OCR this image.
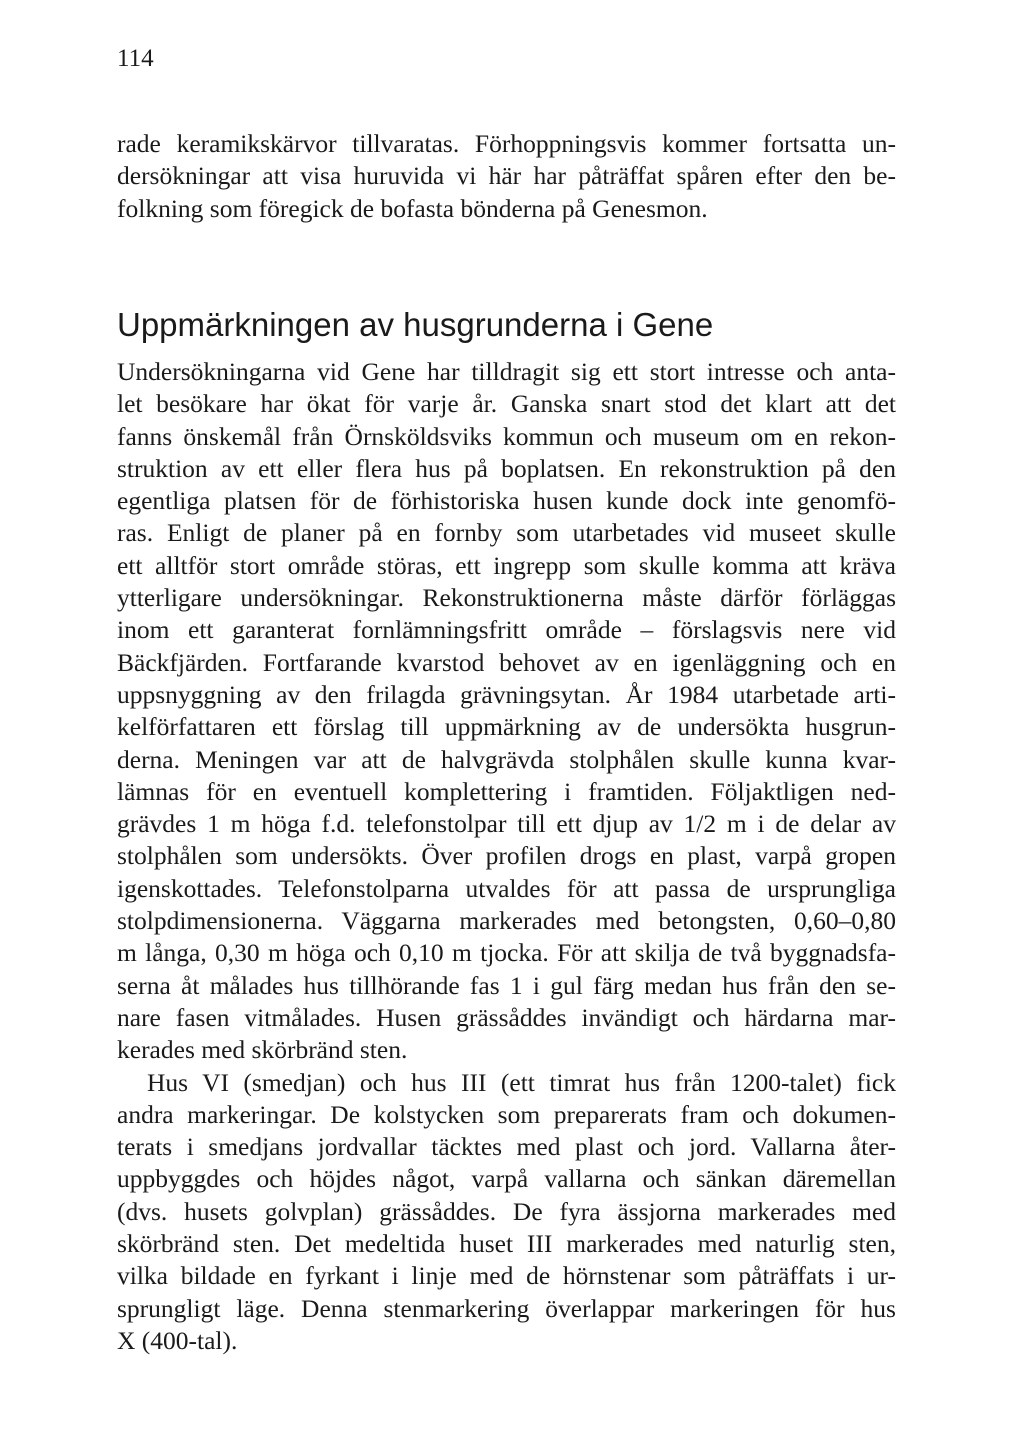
114
rade keramikskärvor tillvaratas. Förhoppningsvis kommer fortsatta un-
dersökningar att visa huruvida vi här har påträffat spåren efter den be-
folkning som föregick de bofasta bönderna på Genesmon.
Uppmärkningen av husgrunderna i Gene
Undersökningarna vid Gene har tilldragit sig ett stort intresse och anta-
let besökare har ökat för varje år. Ganska snart stod det klart att det
fanns önskemål från Örnsköldsviks kommun och museum om en rekon-
struktion av ett eller flera hus på boplatsen. En rekonstruktion på den
egentliga platsen för de förhistoriska husen kunde dock inte genomfö-
ras. Enligt de planer på en fornby som utarbetades vid museet skulle
ett alltför stort område störas, ett ingrepp som skulle komma att kräva
ytterligare undersökningar. Rekonstruktionerna måste därför förläggas
inom ett garanterat fornlämningsfritt område – förslagsvis nere vid
Bäckfjärden. Fortfarande kvarstod behovet av en igenläggning och en
uppsnyggning av den frilagda grävningsytan. År 1984 utarbetade arti-
kelförfattaren ett förslag till uppmärkning av de undersökta husgrun-
derna. Meningen var att de halvgrävda stolphålen skulle kunna kvar-
lämnas för en eventuell komplettering i framtiden. Följaktligen ned-
grävdes 1 m höga f.d. telefonstolpar till ett djup av 1/2 m i de delar av
stolphålen som undersökts. Över profilen drogs en plast, varpå gropen
igenskottades. Telefonstolparna utvaldes för att passa de ursprungliga
stolpdimensionerna. Väggarna markerades med betongsten, 0,60–0,80
m långa, 0,30 m höga och 0,10 m tjocka. För att skilja de två byggnadsfa-
serna åt målades hus tillhörande fas 1 i gul färg medan hus från den se-
nare fasen vitmålades. Husen grässåddes invändigt och härdarna mar-
kerades med skörbränd sten.
Hus VI (smedjan) och hus III (ett timrat hus från 1200-talet) fick
andra markeringar. De kolstycken som preparerats fram och dokumen-
terats i smedjans jordvallar täcktes med plast och jord. Vallarna åter-
uppbyggdes och höjdes något, varpå vallarna och sänkan däremellan
(dvs. husets golvplan) grässåddes. De fyra ässjorna markerades med
skörbränd sten. Det medeltida huset III markerades med naturlig sten,
vilka bildade en fyrkant i linje med de hörnstenar som påträffats i ur-
sprungligt läge. Denna stenmarkering överlappar markeringen för hus
X (400-tal).
